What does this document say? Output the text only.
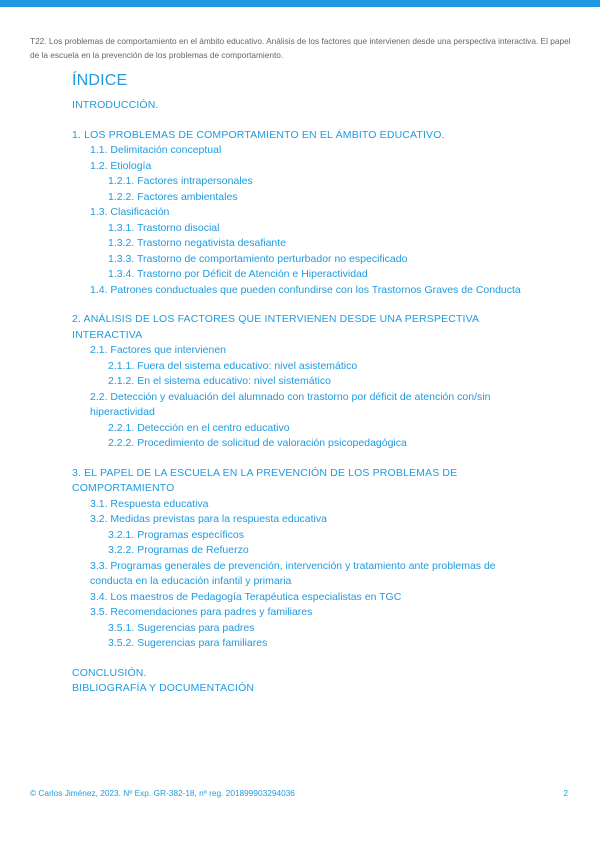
T22. Los problemas de comportamiento en el ámbito educativo. Análisis de los factores que intervienen desde una perspectiva interactiva. El papel de la escuela en la prevención de los problemas de comportamiento.
ÍNDICE
INTRODUCCIÓN.
1. LOS PROBLEMAS DE COMPORTAMIENTO EN EL ÁMBITO EDUCATIVO.
1.1. Delimitación conceptual
1.2. Etiología
1.2.1. Factores intrapersonales
1.2.2. Factores ambientales
1.3. Clasificación
1.3.1. Trastorno disocial
1.3.2. Trastorno negativista desafiante
1.3.3. Trastorno de comportamiento perturbador no especificado
1.3.4. Trastorno por Déficit de Atención e Hiperactividad
1.4. Patrones conductuales que pueden confundirse con los Trastornos Graves de Conducta
2. ANÁLISIS DE LOS FACTORES QUE INTERVIENEN DESDE UNA PERSPECTIVA INTERACTIVA
2.1. Factores que intervienen
2.1.1. Fuera del sistema educativo: nivel asistemático
2.1.2. En el sistema educativo: nivel sistemático
2.2. Detección y evaluación del alumnado con trastorno por déficit de atención con/sin hiperactividad
2.2.1. Detección en el centro educativo
2.2.2. Procedimiento de solicitud de valoración psicopedagógica
3. EL PAPEL DE LA ESCUELA EN LA PREVENCIÓN DE LOS PROBLEMAS DE COMPORTAMIENTO
3.1. Respuesta educativa
3.2. Medidas previstas para la respuesta educativa
3.2.1. Programas específicos
3.2.2. Programas de Refuerzo
3.3. Programas generales de prevención, intervención y tratamiento ante problemas de conducta en la educación infantil y primaria
3.4. Los maestros de Pedagogía Terapéutica especialistas en TGC
3.5. Recomendaciones para padres y familiares
3.5.1. Sugerencias para padres
3.5.2. Sugerencias para familiares
CONCLUSIÓN.
BIBLIOGRAFÍA Y DOCUMENTACIÓN
© Carlos Jiménez, 2023. Nº Exp. GR-382-18, nº reg. 201899903294036	2
